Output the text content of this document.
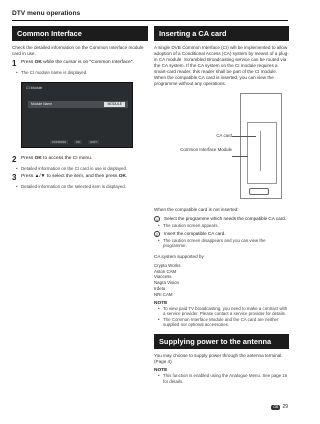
DTV menu operations
Common Interface
Check the detailed information on the Common Interface module card in use.
1 Press OK while the cursor is on "Common Interface".
• The CI module name is displayed.
CI Module
Module Name	MODULE
CONFIRM	OK	EXIT
2 Press OK to access the CI menu.
• Detailed information on the CI card in use is displayed.
3 Press ▲/▼ to select the item, and then press OK.
• Detailed information on the selected item is displayed.
Inserting a CA card
A single DVB Common Interface (CI) will be implemented to allow adoption of a Conditional Access (CA) system by means of a plug-in CA module. Scrambled Broadcasting service can be routed via the CA system. If the CA system on the CI module requires a smart-card reader, this reader shall be part of the CI module. When the compatible CA card is inserted, you can view the programme without any operations.
CA card
Common Interface Module
When the compatible card is not inserted:
1	Select the programme which needs the compatible CA card.
• The caution screen appears.
2	Insert the compatible CA card.
• The caution screen disappears and you can view the programme.
CA system supported by
Crypto Works
Aston CAM
Viaccess
Nagra Vision
Irdeto
NRI CAM
NOTE
• To view paid TV broadcasting, you need to make a contract with a service provider. Please contact a service provider for details.
• The Common Interface Module and the CA card are neither supplied nor optional accessories.
Supplying power to the antenna
You may choose to supply power through the antenna terminal. (Page 4)
NOTE
• This function is enabled using the Analogue Menu. See page 16 for details.
GB 29
